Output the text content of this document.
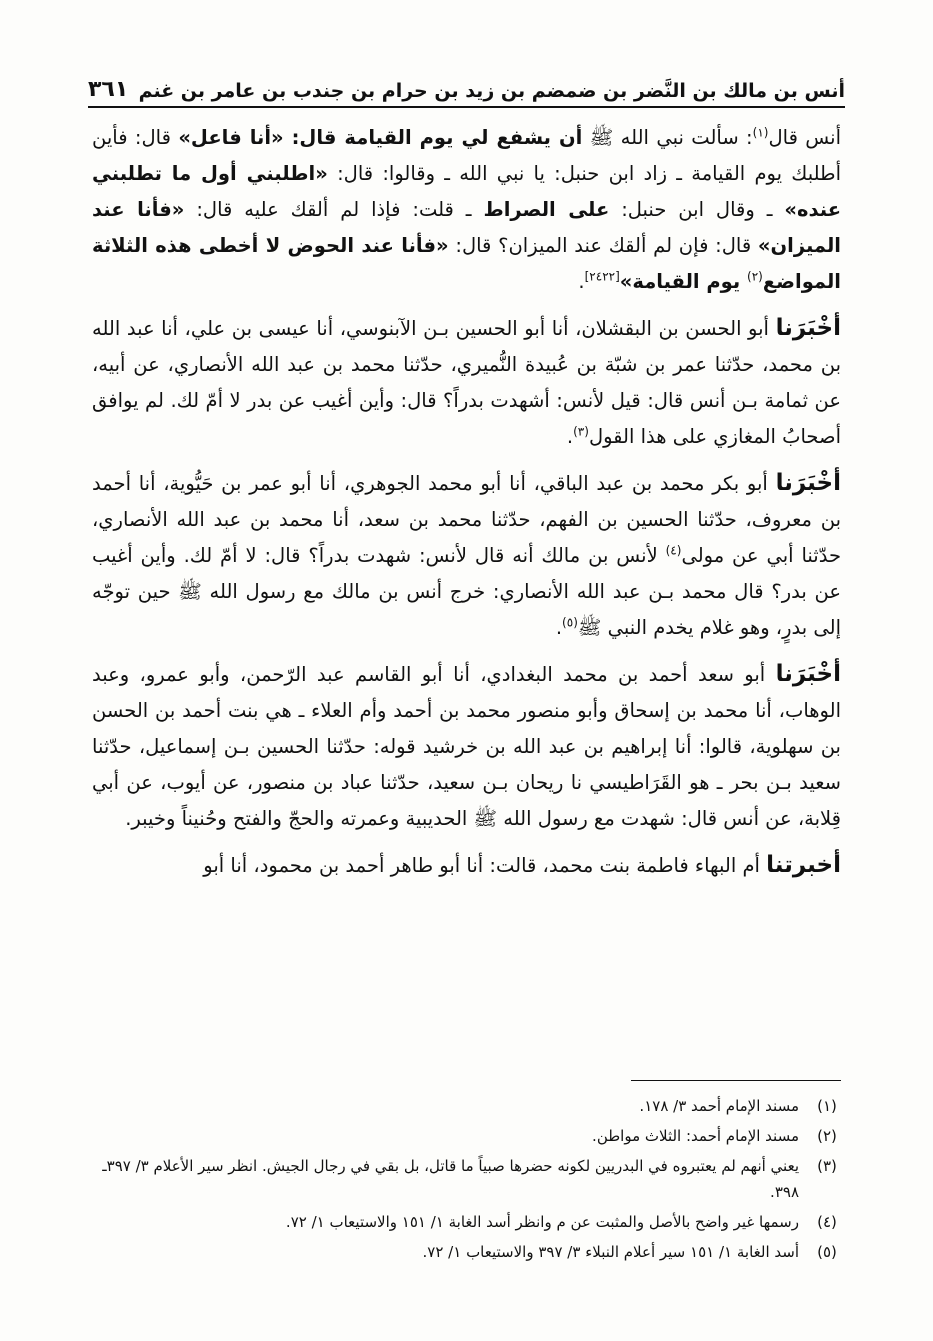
أنس بن مالك بن النَّضر بن ضمضم بن زيد بن حرام بن جندب بن عامر بن غنم
٣٦١

أنس قال$^{(١)}$: سألت نبي الله ﷺ أن يشفع لي يوم القيامة قال: «أنا فاعل» قال: فأين أطلبك يوم القيامة ـ زاد ابن حنبل: يا نبي الله ـ وقالوا: قال: «اطلبني أول ما تطلبني عنده» ـ وقال ابن حنبل: على الصراط ـ قلت: فإذا لم ألقك عليه قال: «فأنا عند الميزان» قال: فإن لم ألقك عند الميزان؟ قال: «فأنا عند الحوض لا أخطى هذه الثلاثة المواضع$^{(٢)}$ يوم القيامة»[٢٤٢٢].

أخْبَرَنا أبو الحسن بن البقشلان، أنا أبو الحسين بـن الآبنوسي، أنا عيسى بن علي، أنا عبد الله بن محمد، حدّثنا عمر بن شبّة بن عُبيدة النُّميري، حدّثنا محمد بن عبد الله الأنصاري، عن أبيه، عن ثمامة بـن أنس قال: قيل لأنس: أشهدت بدراً؟ قال: وأين أغيب عن بدر لا أمّ لك. لم يوافق أصحابُ المغازي على هذا القول$^{(٣)}$.

أخْبَرَنا أبو بكر محمد بن عبد الباقي، أنا أبو محمد الجوهري، أنا أبو عمر بن حَيُّوية، أنا أحمد بن معروف، حدّثنا الحسين بن الفهم، حدّثنا محمد بن سعد، أنا محمد بن عبد الله الأنصاري، حدّثنا أبي عن مولى$^{(٤)}$ لأنس بن مالك أنه قال لأنس: شهدت بدراً؟ قال: لا أمّ لك. وأين أغيب عن بدر؟ قال محمد بـن عبد الله الأنصاري: خرج أنس بن مالك مع رسول الله ﷺ حين توجّه إلى بدرٍ، وهو غلام يخدم النبي ﷺ$^{(٥)}$.

أخْبَرَنا أبو سعد أحمد بن محمد البغدادي، أنا أبو القاسم عبد الرّحمن، وأبو عمرو، وعبد الوهاب، أنا محمد بن إسحاق وأبو منصور محمد بن أحمد وأم العلاء ـ هي بنت أحمد بن الحسن بن سهلوية، قالوا: أنا إبراهيم بن عبد الله بن خرشيد قوله: حدّثنا الحسين بـن إسماعيل، حدّثنا سعيد بـن بحر ـ هو القَرَاطيسي نا ريحان بـن سعيد، حدّثنا عباد بن منصور، عن أيوب، عن أبي قِلابة، عن أنس قال: شهدت مع رسول الله ﷺ الحديبية وعمرته والحجّ والفتح وحُنيناً وخيبر.

أخبرتنا أم البهاء فاطمة بنت محمد، قالت: أنا أبو طاهر أحمد بن محمود، أنا أبو

(١)
مسند الإمام أحمد ٣/ ١٧٨.
(٢)
مسند الإمام أحمد: الثلاث مواطن.
(٣)
يعني أنهم لم يعتبروه في البدريين لكونه حضرها صبياً ما قاتل، بل بقي في رجال الجيش. انظر سير الأعلام ٣/ ٣٩٧ـ ٣٩٨.
(٤)
رسمها غير واضح بالأصل والمثبت عن م وانظر أسد الغابة ١/ ١٥١ والاستيعاب ١/ ٧٢.
(٥)
أسد الغابة ١/ ١٥١ سير أعلام النبلاء ٣/ ٣٩٧ والاستيعاب ١/ ٧٢.
